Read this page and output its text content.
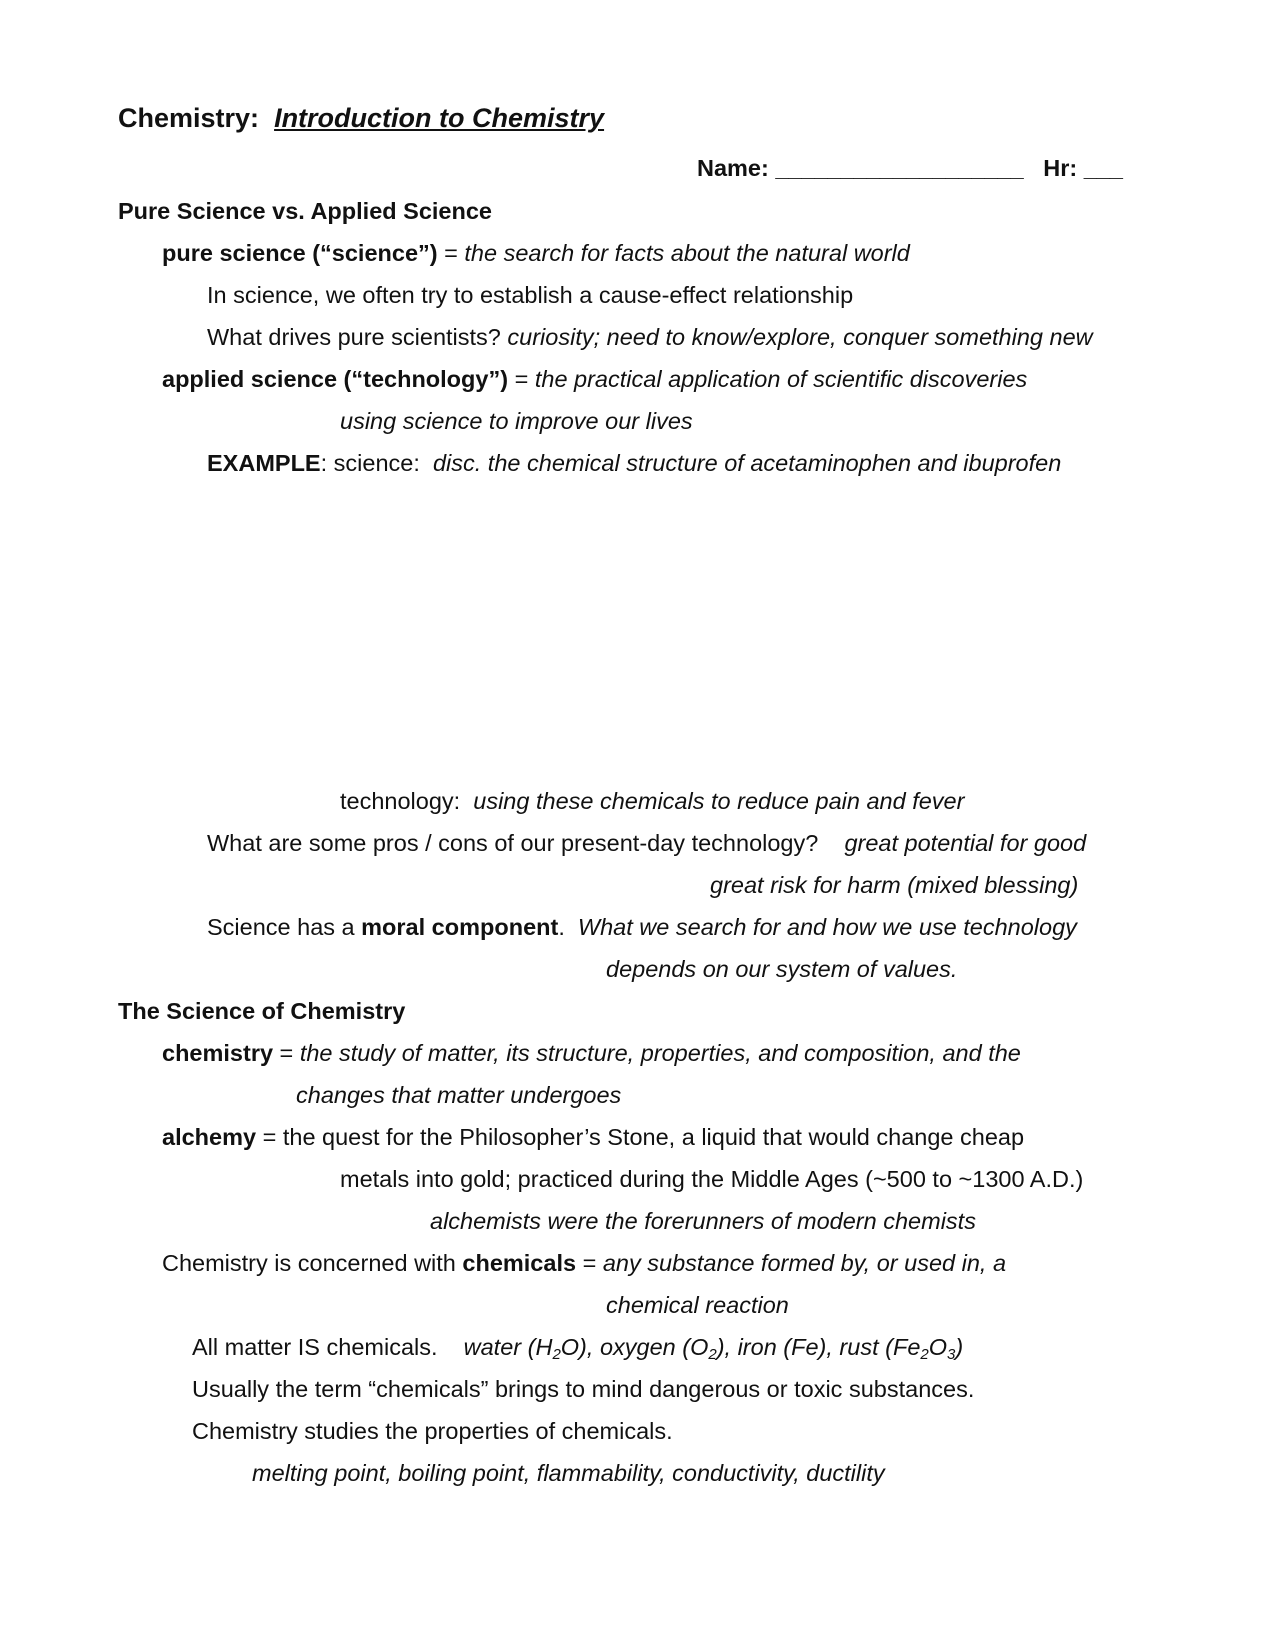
Chemistry: Introduction to Chemistry
Name: ___________________ Hr: ___
Pure Science vs. Applied Science
pure science (“science”) = the search for facts about the natural world
In science, we often try to establish a cause-effect relationship
What drives pure scientists? curiosity; need to know/explore, conquer something new
applied science (“technology”) = the practical application of scientific discoveries
using science to improve our lives
EXAMPLE: science: disc. the chemical structure of acetaminophen and ibuprofen
technology: using these chemicals to reduce pain and fever
What are some pros / cons of our present-day technology? great potential for good
great risk for harm (mixed blessing)
Science has a moral component. What we search for and how we use technology
depends on our system of values.
The Science of Chemistry
chemistry = the study of matter, its structure, properties, and composition, and the
changes that matter undergoes
alchemy = the quest for the Philosopher’s Stone, a liquid that would change cheap
metals into gold; practiced during the Middle Ages (~500 to ~1300 A.D.)
alchemists were the forerunners of modern chemists
Chemistry is concerned with chemicals = any substance formed by, or used in, a
chemical reaction
All matter IS chemicals. water $(H_2O)$, oxygen $(O_2)$, iron (Fe), rust $(Fe_2O_3)$
Usually the term “chemicals” brings to mind dangerous or toxic substances.
Chemistry studies the properties of chemicals.
melting point, boiling point, flammability, conductivity, ductility
